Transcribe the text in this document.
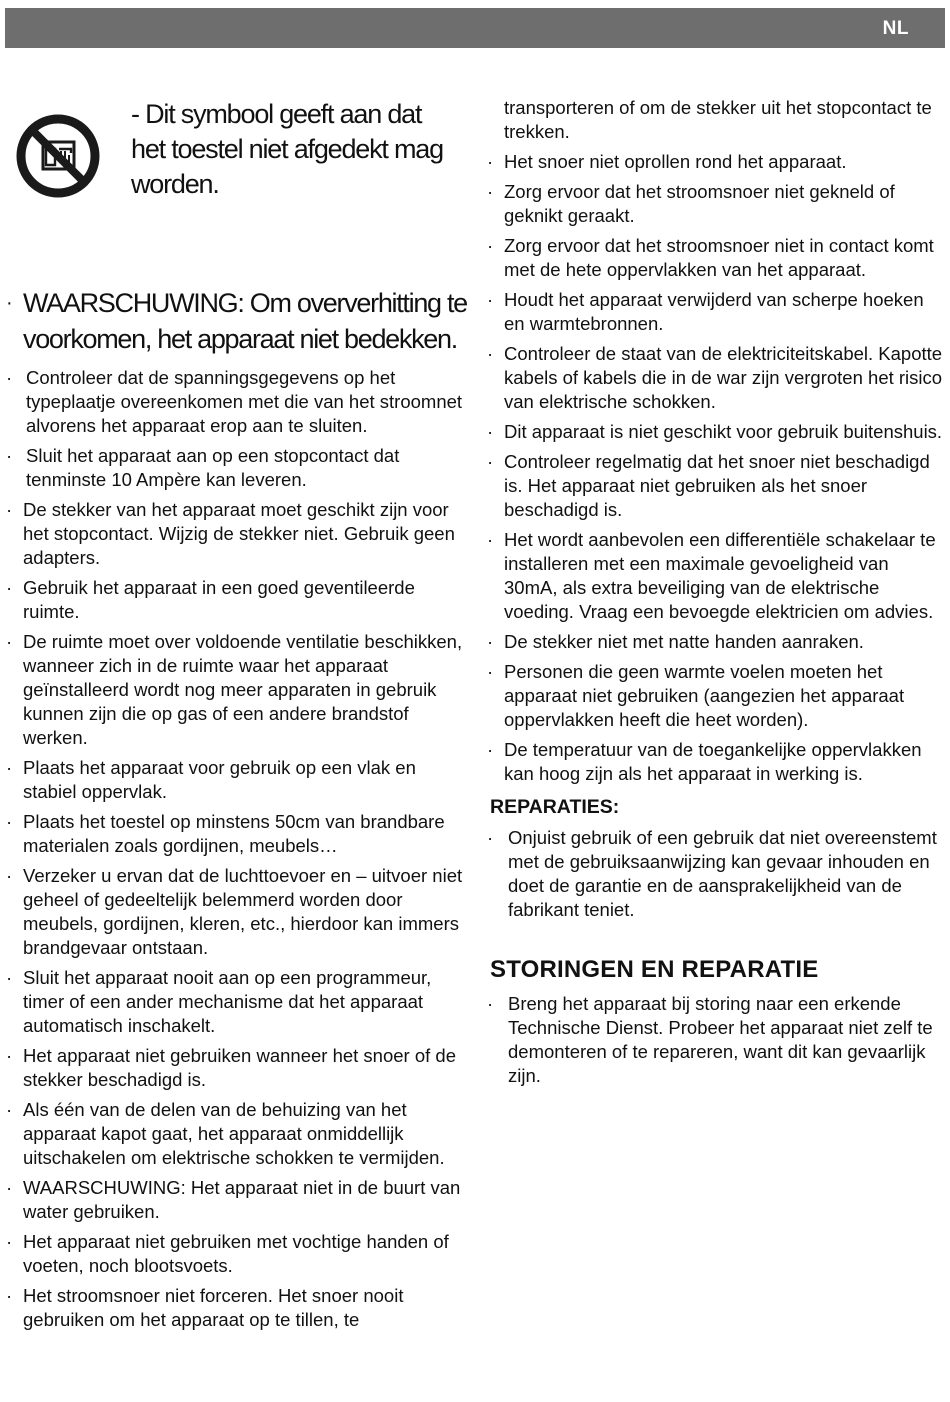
NL
- Dit symbool geeft aan dat het toestel niet afgedekt mag worden.
· WAARSCHUWING: Om oververhitting te voorkomen, het apparaat niet bedekken.
· Controleer dat de spanningsgegevens op het typeplaatje overeenkomen met die van het stroomnet alvorens het apparaat erop aan te sluiten.
· Sluit het apparaat aan op een stopcontact dat tenminste 10 Ampère kan leveren.
· De stekker van het apparaat moet geschikt zijn voor het stopcontact. Wijzig de stekker niet. Gebruik geen adapters.
· Gebruik het apparaat in een goed geventileerde ruimte.
· De ruimte moet over voldoende ventilatie beschikken, wanneer zich in de ruimte waar het apparaat geïnstalleerd wordt nog meer apparaten in gebruik kunnen zijn die op gas of een andere brandstof werken.
· Plaats het apparaat voor gebruik op een vlak en stabiel oppervlak.
· Plaats het toestel op minstens 50cm van brandbare materialen zoals gordijnen, meubels…
· Verzeker u ervan dat de luchttoevoer en – uitvoer niet geheel of gedeeltelijk belemmerd worden door meubels, gordijnen, kleren, etc., hierdoor kan immers brandgevaar ontstaan.
· Sluit het apparaat nooit aan op een programmeur, timer of een ander mechanisme dat het apparaat automatisch inschakelt.
· Het apparaat niet gebruiken wanneer het snoer of de stekker beschadigd is.
· Als één van de delen van de behuizing van het apparaat kapot gaat, het apparaat onmiddellijk uitschakelen om elektrische schokken te vermijden.
· WAARSCHUWING: Het apparaat niet in de buurt van water gebruiken.
· Het apparaat niet gebruiken met vochtige handen of voeten, noch blootsvoets.
· Het stroomsnoer niet forceren. Het snoer nooit gebruiken om het apparaat op te tillen, te
transporteren of om de stekker uit het stopcontact te trekken.
· Het snoer niet oprollen rond het apparaat.
· Zorg ervoor dat het stroomsnoer niet gekneld of geknikt geraakt.
· Zorg ervoor dat het stroomsnoer niet in contact komt met de hete oppervlakken van het apparaat.
· Houdt het apparaat verwijderd van scherpe hoeken en warmtebronnen.
· Controleer de staat van de elektriciteitskabel. Kapotte kabels of kabels die in de war zijn vergroten het risico van elektrische schokken.
· Dit apparaat is niet geschikt voor gebruik buitenshuis.
· Controleer regelmatig dat het snoer niet beschadigd is. Het apparaat niet gebruiken als het snoer beschadigd is.
· Het wordt aanbevolen een differentiële schakelaar te installeren met een maximale gevoeligheid van 30mA, als extra beveiliging van de elektrische voeding. Vraag een bevoegde elektricien om advies.
· De stekker niet met natte handen aanraken.
· Personen die geen warmte voelen moeten het apparaat niet gebruiken (aangezien het apparaat oppervlakken heeft die heet worden).
· De temperatuur van de toegankelijke oppervlakken kan hoog zijn als het apparaat in werking is.
REPARATIES:
· Onjuist gebruik of een gebruik dat niet overeenstemt met de gebruiksaanwijzing kan gevaar inhouden en doet de garantie en de aansprakelijkheid van de fabrikant teniet.
STORINGEN EN REPARATIE
· Breng het apparaat bij storing naar een erkende Technische Dienst. Probeer het apparaat niet zelf te demonteren of te repareren, want dit kan gevaarlijk zijn.
